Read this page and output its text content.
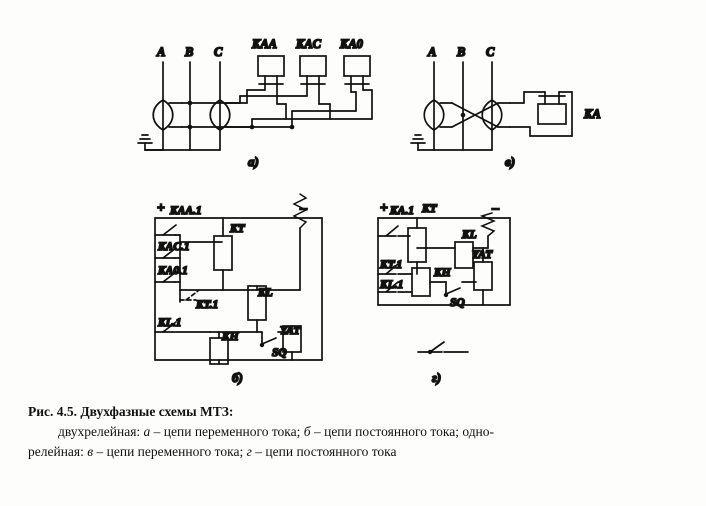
A B C
KAA KAC KA0
а)
A B C
KA
в)
+	–
KAA.1
KAC.1
KA0.1
KT.1
KL.1
KT
KL
KH	YAT
SQ
б)
+	–
KA.1
KT.1
KL.1
KT
KL
KH
YAT
SQ
г)
Рис. 4.5. Двухфазные схемы МТЗ:
двухрелейная: а – цепи переменного тока; б – цепи постоянного тока; одно-
релейная: в – цепи переменного тока; г – цепи постоянного тока
